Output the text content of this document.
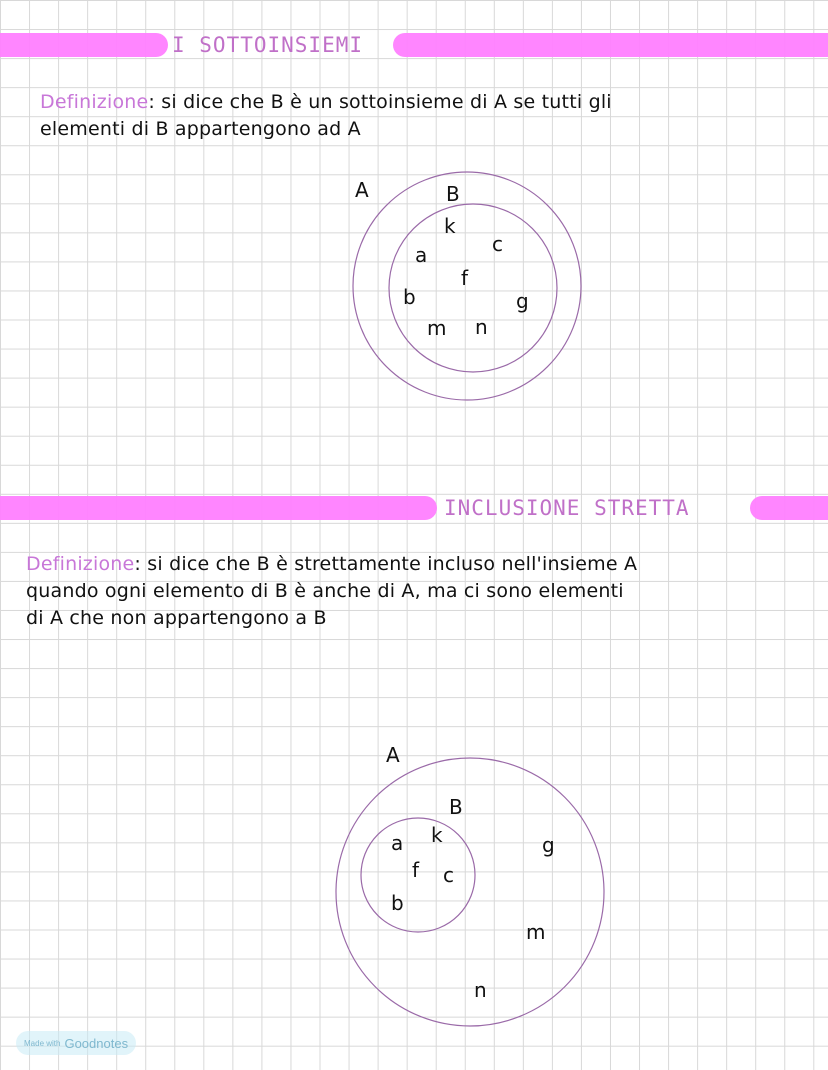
I SOTTOINSIEMI
Definizione: si dice che B è un sottoinsieme di A se tutti gli
elementi di B appartengono ad A
A	B
k
c
a
f
b	g
m n
INCLUSIONE STRETTA
Definizione: si dice che B è strettamente incluso nell'insieme A
quando ogni elemento di B è anche di A, ma ci sono elementi
di A che non appartengono a B
A
B
a k
f c
b
g
m
n
Made with Goodnotes
